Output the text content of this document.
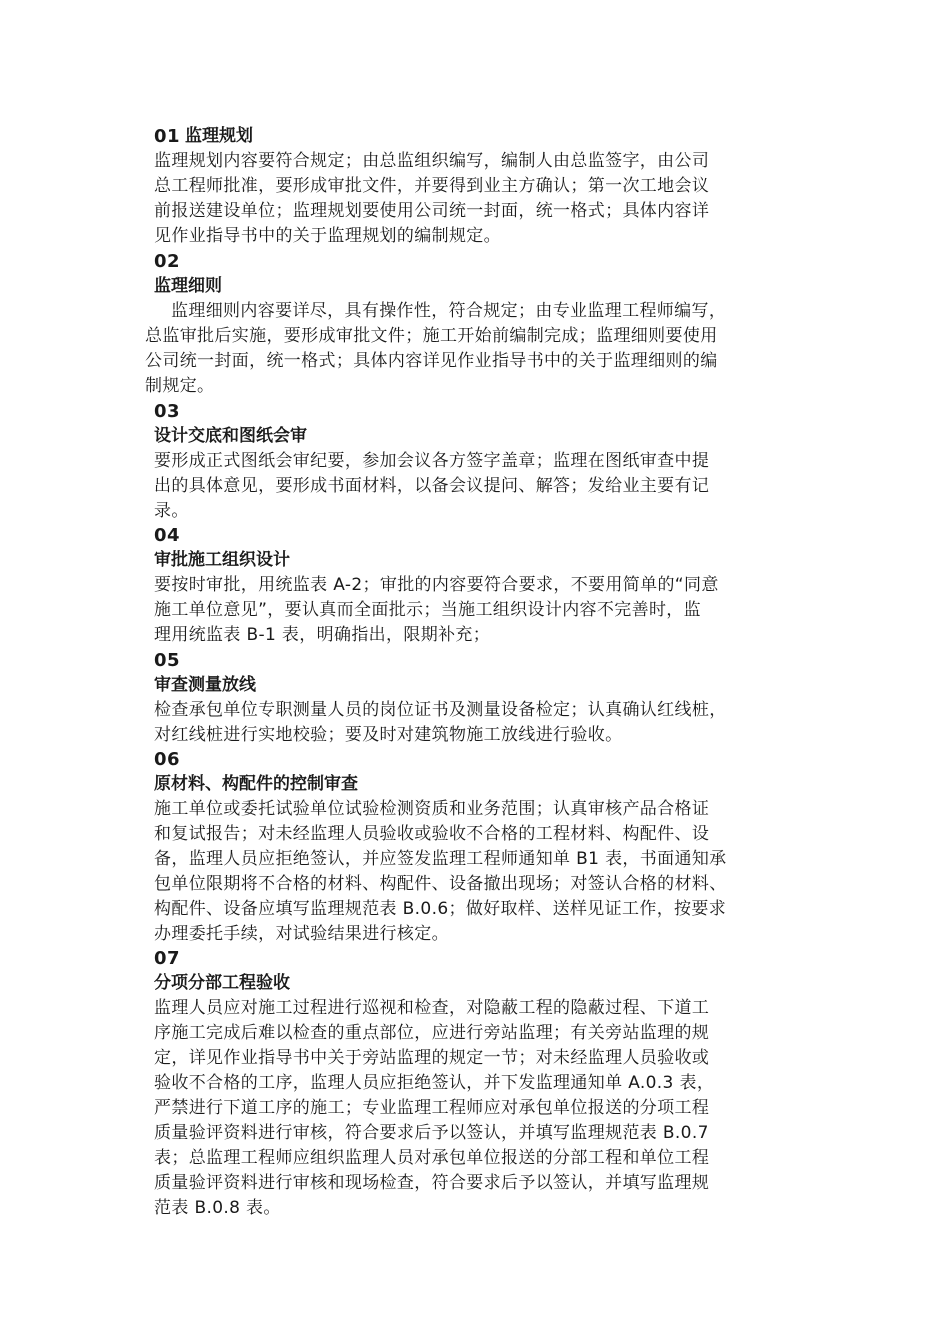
01 监理规划
监理规划内容要符合规定；由总监组织编写，编制人由总监签字，由公司
总工程师批准，要形成审批文件，并要得到业主方确认；第一次工地会议
前报送建设单位；监理规划要使用公司统一封面，统一格式；具体内容详
见作业指导书中的关于监理规划的编制规定。
02
监理细则
监理细则内容要详尽，具有操作性，符合规定；由专业监理工程师编写，
总监审批后实施，要形成审批文件；施工开始前编制完成；监理细则要使用
公司统一封面，统一格式；具体内容详见作业指导书中的关于监理细则的编
制规定。
03
设计交底和图纸会审
要形成正式图纸会审纪要，参加会议各方签字盖章；监理在图纸审查中提
出的具体意见，要形成书面材料，以备会议提问、解答；发给业主要有记
录。
04
审批施工组织设计
要按时审批，用统监表 A-2；审批的内容要符合要求，不要用简单的“同意
施工单位意见”，要认真而全面批示；当施工组织设计内容不完善时，监
理用统监表 B-1 表，明确指出，限期补充；
05
审查测量放线
检查承包单位专职测量人员的岗位证书及测量设备检定；认真确认红线桩，
对红线桩进行实地校验；要及时对建筑物施工放线进行验收。
06
原材料、构配件的控制审查
施工单位或委托试验单位试验检测资质和业务范围；认真审核产品合格证
和复试报告；对未经监理人员验收或验收不合格的工程材料、构配件、设
备，监理人员应拒绝签认，并应签发监理工程师通知单 B1 表，书面通知承
包单位限期将不合格的材料、构配件、设备撤出现场；对签认合格的材料、
构配件、设备应填写监理规范表 B.0.6；做好取样、送样见证工作，按要求
办理委托手续，对试验结果进行核定。
07
分项分部工程验收
监理人员应对施工过程进行巡视和检查，对隐蔽工程的隐蔽过程、下道工
序施工完成后难以检查的重点部位，应进行旁站监理；有关旁站监理的规
定，详见作业指导书中关于旁站监理的规定一节；对未经监理人员验收或
验收不合格的工序，监理人员应拒绝签认，并下发监理通知单 A.0.3 表，
严禁进行下道工序的施工；专业监理工程师应对承包单位报送的分项工程
质量验评资料进行审核，符合要求后予以签认，并填写监理规范表 B.0.7
表；总监理工程师应组织监理人员对承包单位报送的分部工程和单位工程
质量验评资料进行审核和现场检查，符合要求后予以签认，并填写监理规
范表 B.0.8 表。
